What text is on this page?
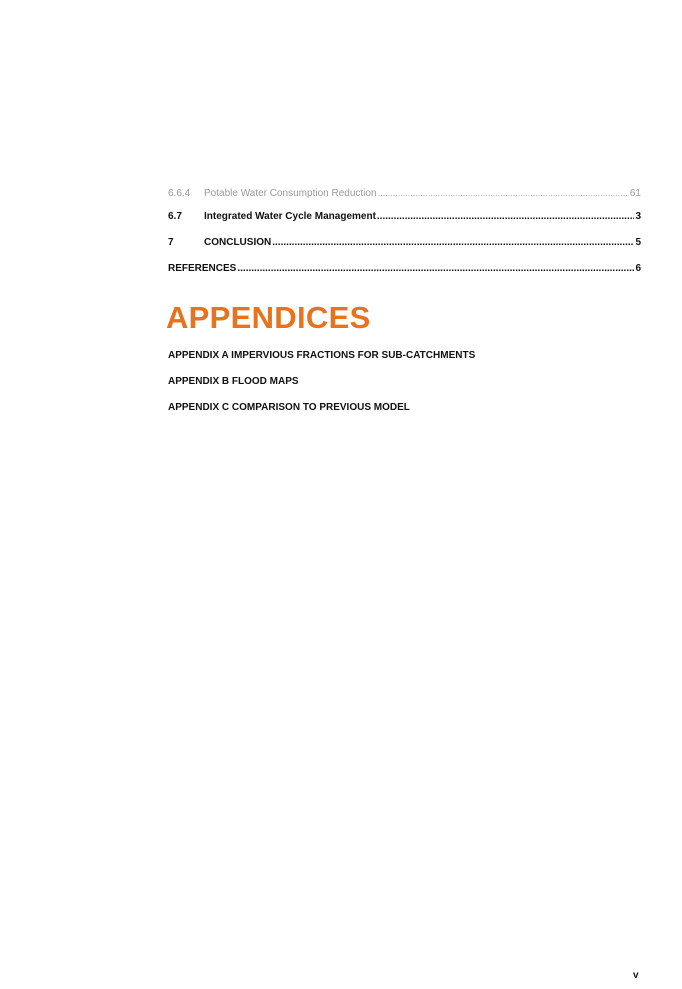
6.6.4	Potable Water Consumption Reduction ……………………………………………………………………………………………………………………………………………………………………	61
6.7	Integrated Water Cycle Management .....	3
7	CONCLUSION .....	5
REFERENCES .....	6
APPENDICES
APPENDIX A IMPERVIOUS FRACTIONS FOR SUB-CATCHMENTS
APPENDIX B FLOOD MAPS
APPENDIX C COMPARISON TO PREVIOUS MODEL
v
